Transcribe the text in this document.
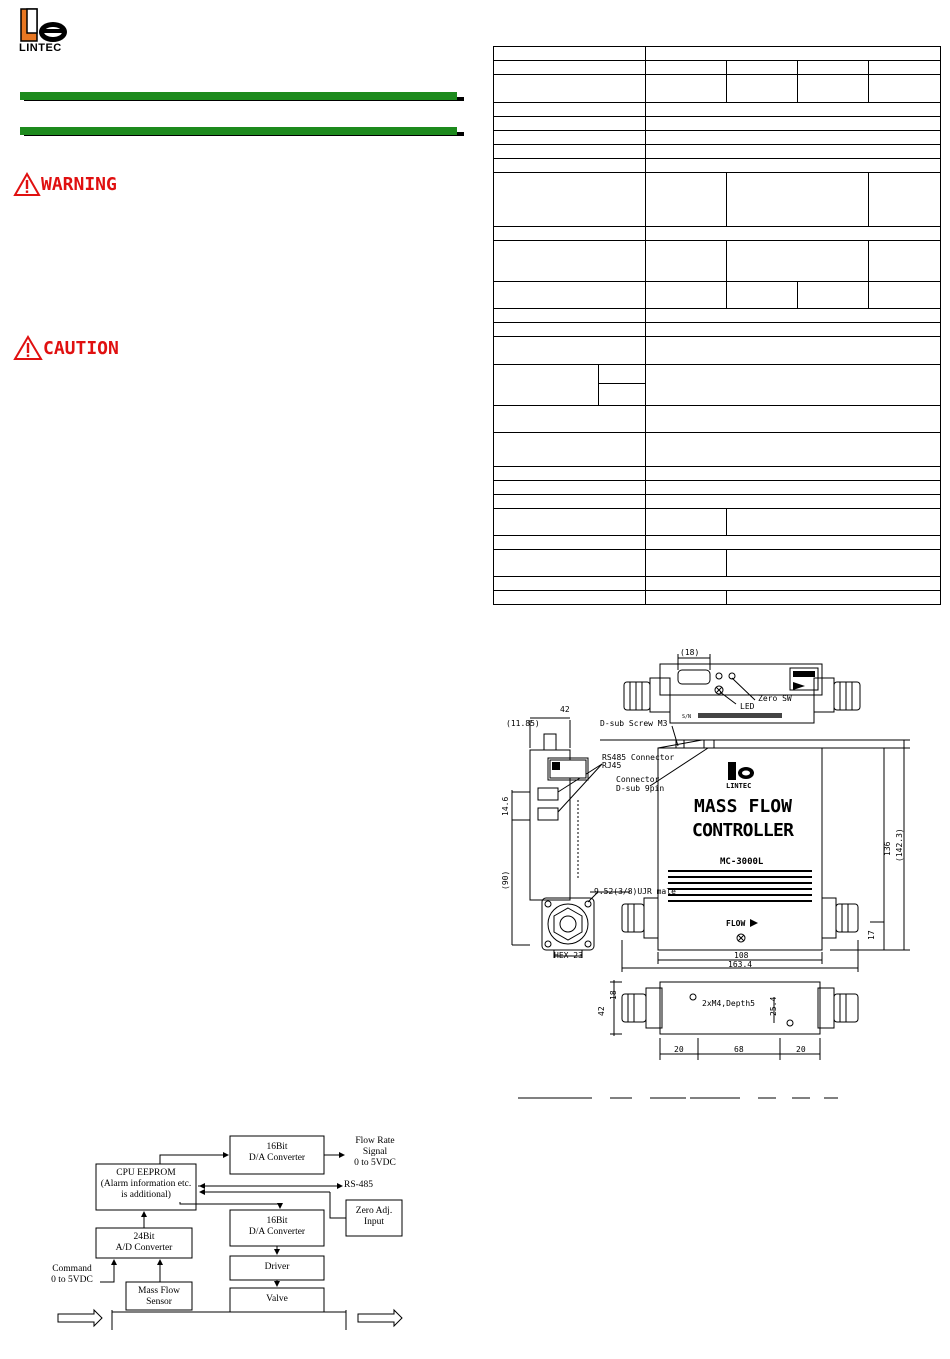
LINTEC
WARNING
CAUTION

(18)
Zero SW
LED
S/N
42
(11.85)	D-sub Screw M3
RS485 Connector
RJ45
Connector
D-sub 9pin
14.6
(90)
9.52(3/8)UJR male
HEX-23	108
163.4
136 (142.3)
17
42
18
2xM4,Depth5 25.4
20	68	20
LINTEC
MASS FLOW
CONTROLLER
MC-3000L
FLOW
16Bit
D/A Converter
Flow Rate
Signal
0 to 5VDC
CPU EEPROM
(Alarm information etc.
is additional)
RS-485
Zero Adj.
Input
16Bit
D/A Converter
24Bit
A/D Converter
Command
0 to 5VDC
Driver
Mass Flow
Sensor	Valve
